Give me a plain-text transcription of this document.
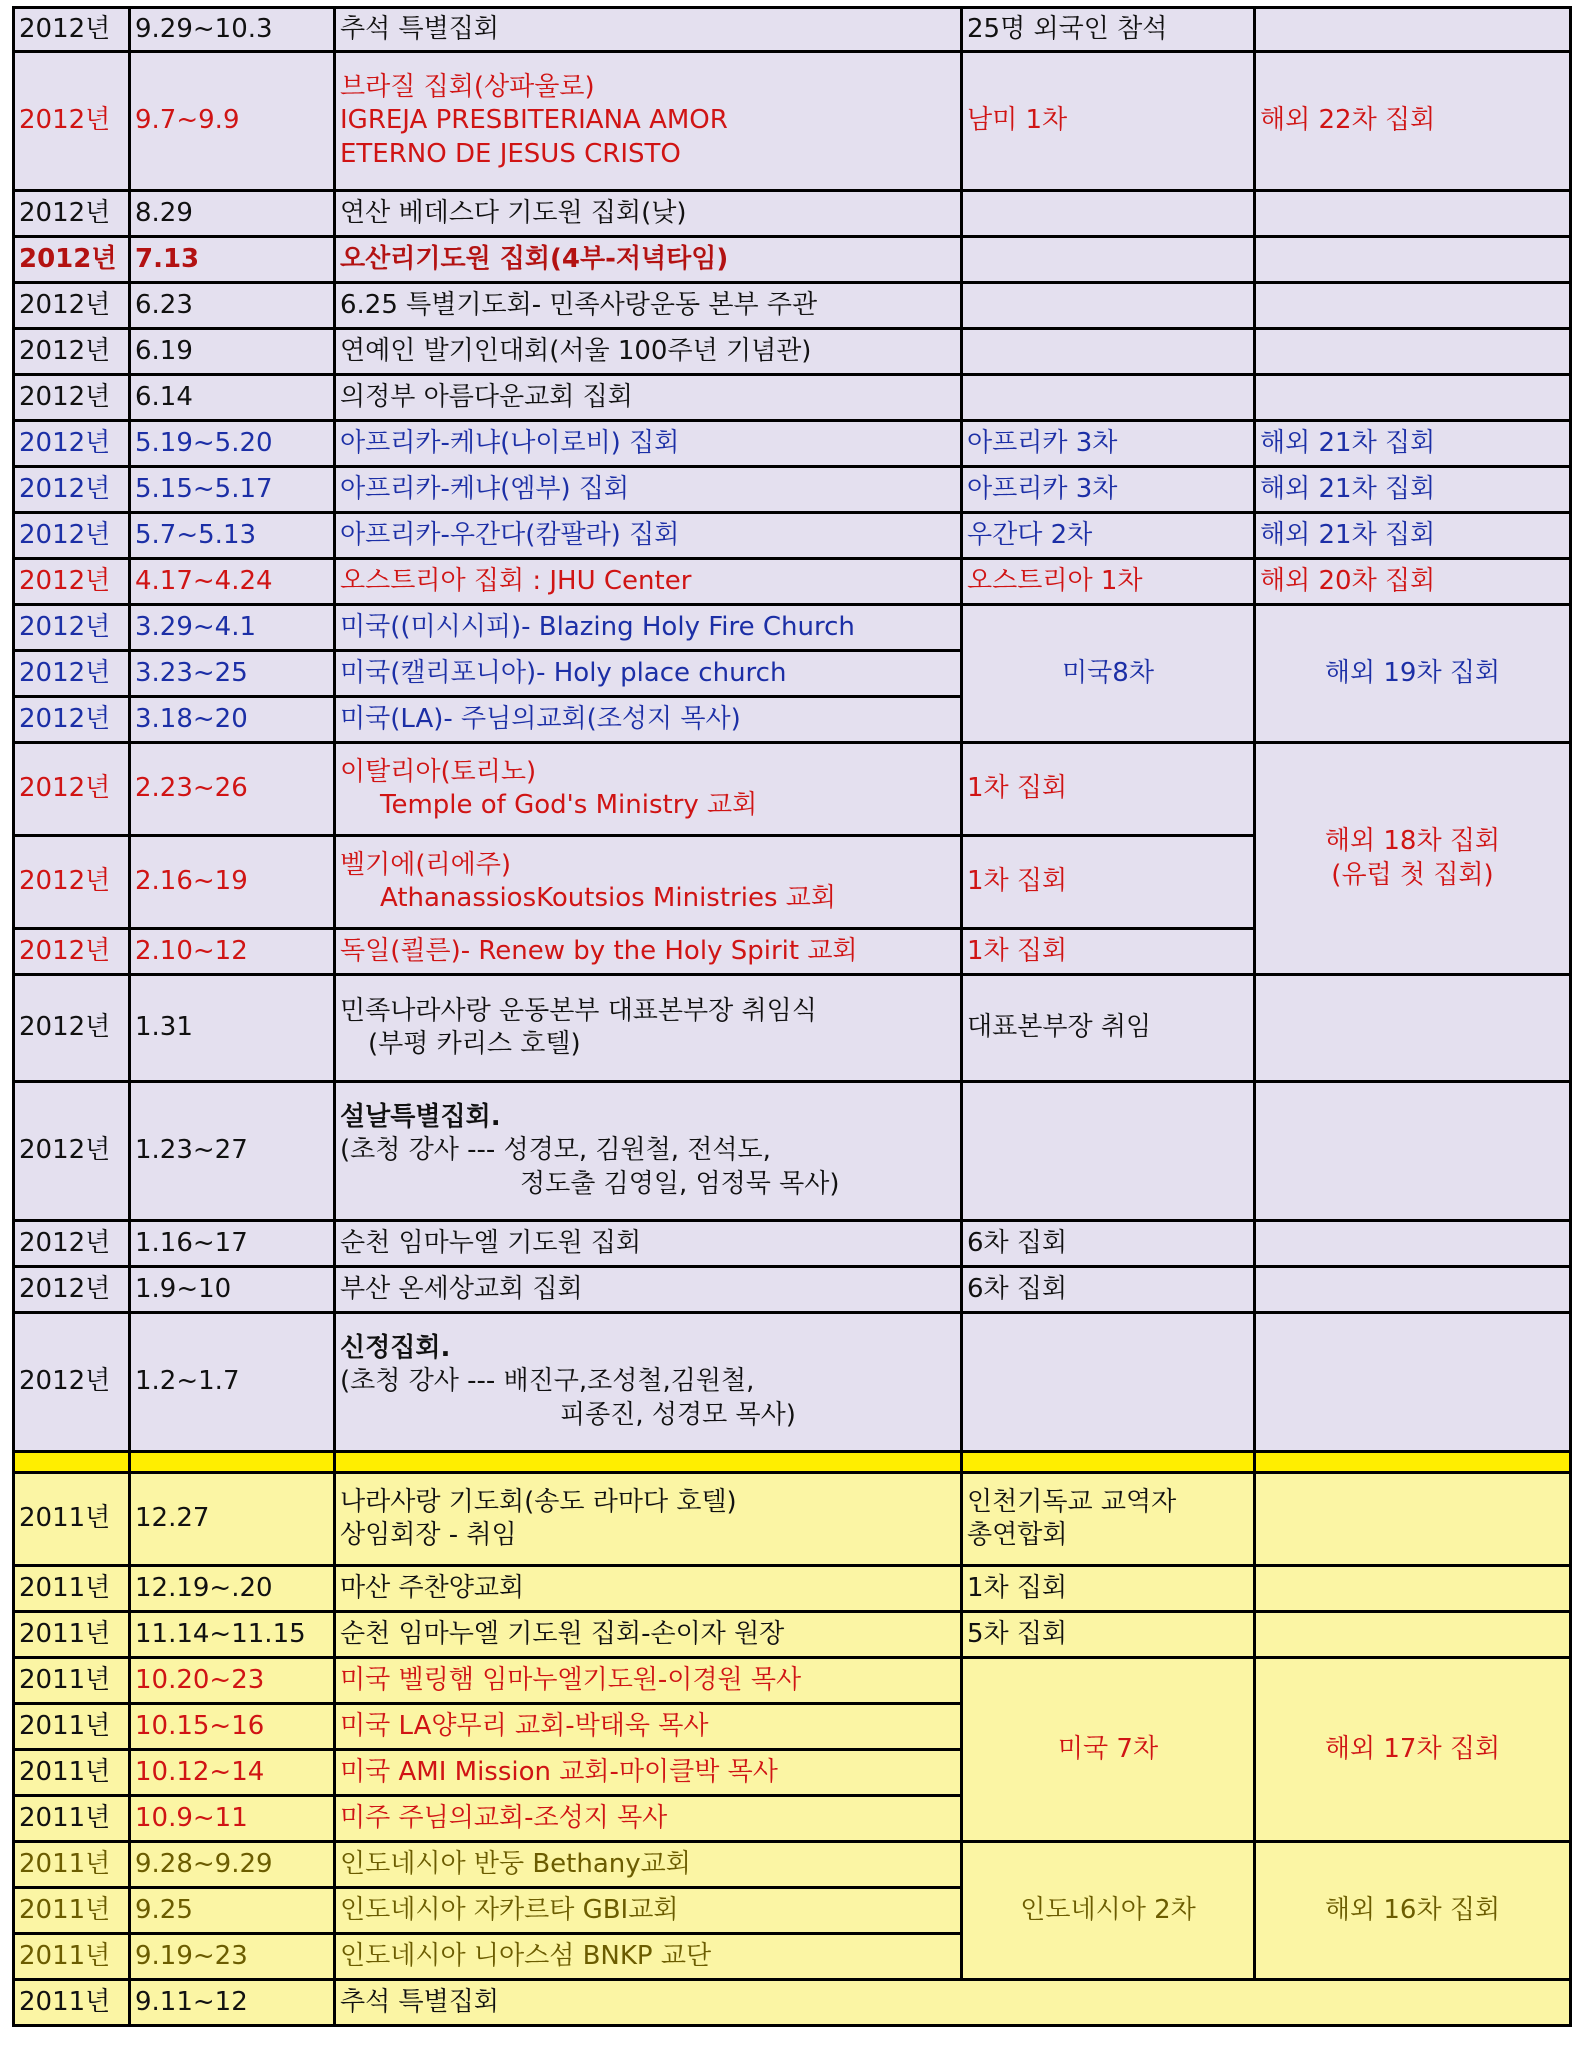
2012년	9.29~10.3	추석 특별집회	25명 외국인 참석	
2012년	9.7~9.9	브라질 집회(상파울로)
IGREJA PRESBITERIANA AMOR
ETERNO DE JESUS CRISTO	남미 1차	해외 22차 집회
2012년	8.29	연산 베데스다 기도원 집회(낮)		
2012년	7.13	오산리기도원 집회(4부-저녁타임)		
2012년	6.23	6.25 특별기도회- 민족사랑운동 본부 주관		
2012년	6.19	연예인 발기인대회(서울 100주년 기념관)		
2012년	6.14	의정부 아름다운교회 집회		
2012년	5.19~5.20	아프리카-케냐(나이로비) 집회	아프리카 3차	해외 21차 집회
2012년	5.15~5.17	아프리카-케냐(엠부) 집회	아프리카 3차	해외 21차 집회
2012년	5.7~5.13	아프리카-우간다(캄팔라) 집회	우간다 2차	해외 21차 집회
2012년	4.17~4.24	오스트리아 집회 : JHU Center	오스트리아 1차	해외 20차 집회
2012년	3.29~4.1	미국((미시시피)- Blazing Holy Fire Church	미국8차	해외 19차 집회
2012년	3.23~25	미국(캘리포니아)- Holy place church		
2012년	3.18~20	미국(LA)- 주님의교회(조성지 목사)		
2012년	2.23~26	이탈리아(토리노)
Temple of God's Ministry 교회	1차 집회	해외 18차 집회
(유럽 첫 집회)

2012년	2.16~19	벨기에(리에주)
AthanassiosKoutsios Ministries 교회	1차 집회	
2012년	2.10~12	독일(쾰른)- Renew by the Holy Spirit 교회	1차 집회	
2012년	1.31	민족나라사랑 운동본부 대표본부장 취임식
(부평 카리스 호텔)	대표본부장 취임	
2012년	1.23~27	설날특별집회.
(초청 강사 --- 성경모, 김원철, 전석도,
정도출 김영일, 엄정묵 목사)		

2012년	1.16~17	순천 임마누엘 기도원 집회	6차 집회	
2012년	1.9~10	부산 온세상교회 집회	6차 집회	
2012년	1.2~1.7	신정집회.
(초청 강사 --- 배진구,조성철,김원철,
피종진, 성경모 목사)		

2011년	12.27	나라사랑 기도회(송도 라마다 호텔)
상임회장 - 취임	인천기독교 교역자
총연합회	

2011년	12.19~.20	마산 주찬양교회	1차 집회	
2011년	11.14~11.15	순천 임마누엘 기도원 집회-손이자 원장	5차 집회	
2011년	10.20~23	미국 벨링햄 임마누엘기도원-이경원 목사	미국 7차	해외 17차 집회
2011년	10.15~16	미국 LA양무리 교회-박태욱 목사		
2011년	10.12~14	미국 AMI Mission 교회-마이클박 목사		
2011년	10.9~11	미주 주님의교회-조성지 목사		
2011년	9.28~9.29	인도네시아 반둥 Bethany교회	인도네시아 2차	해외 16차 집회
2011년	9.25	인도네시아 자카르타 GBI교회		
2011년	9.19~23	인도네시아 니아스섬 BNKP 교단		
2011년	9.11~12	추석 특별집회		
